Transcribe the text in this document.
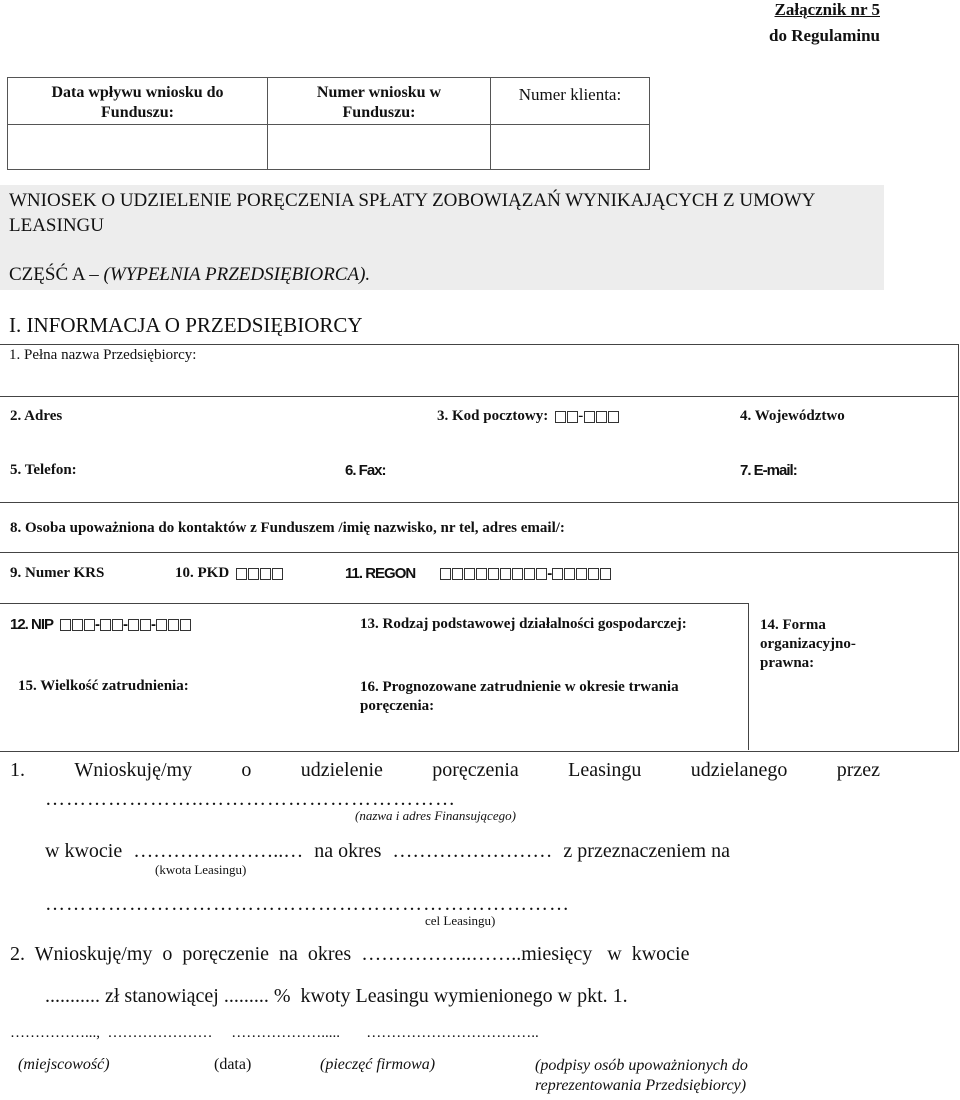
Załącznik nr 5
do Regulaminu
Data wpływu wniosku do Funduszu:	Numer wniosku w Funduszu:	Numer klienta:

WNIOSEK O UDZIELENIE PORĘCZENIA SPŁATY ZOBOWIĄZAŃ WYNIKAJĄCYCH Z UMOWY LEASINGU
CZĘŚĆ A – (WYPEŁNIA PRZEDSIĘBIORCA).
I. INFORMACJA O PRZEDSIĘBIORCY
1. Pełna nazwa Przedsiębiorcy:
2. Adres	3. Kod pocztowy: -	4. Województwo
5. Telefon:	6. Fax:	7. E-mail:
8. Osoba upoważniona do kontaktów z Funduszem /imię nazwisko, nr tel, adres email/:
9. Numer KRS	10. PKD	11. REGON	-
12. NIP	- - -	13. Rodzaj podstawowej działalności gospodarczej:	14. Forma organizacyjno-prawna:
15. Wielkość zatrudnienia:	16. Prognozowane zatrudnienie w okresie trwania poręczenia:
1. Wnioskuję/my o udzielenie poręczenia Leasingu udzielanego przez
…………………..………………………………
(nazwa i adres Finansującego)
w kwocie …………………..… na okres …………………… z przeznaczeniem na
(kwota Leasingu)
…………………………………………………………………
cel Leasingu)
2.  Wnioskuję/my  o  poręczenie  na  okres  ……………..……..miesięcy   w  kwocie
........... zł stanowiącej ......... %  kwoty Leasingu wymienionego w pkt. 1.
……………...,  …………………     ……………….....       ……………………………..
(miejscowość)	(data)	(pieczęć firmowa)	(podpisy osób upoważnionych do reprezentowania Przedsiębiorcy)
